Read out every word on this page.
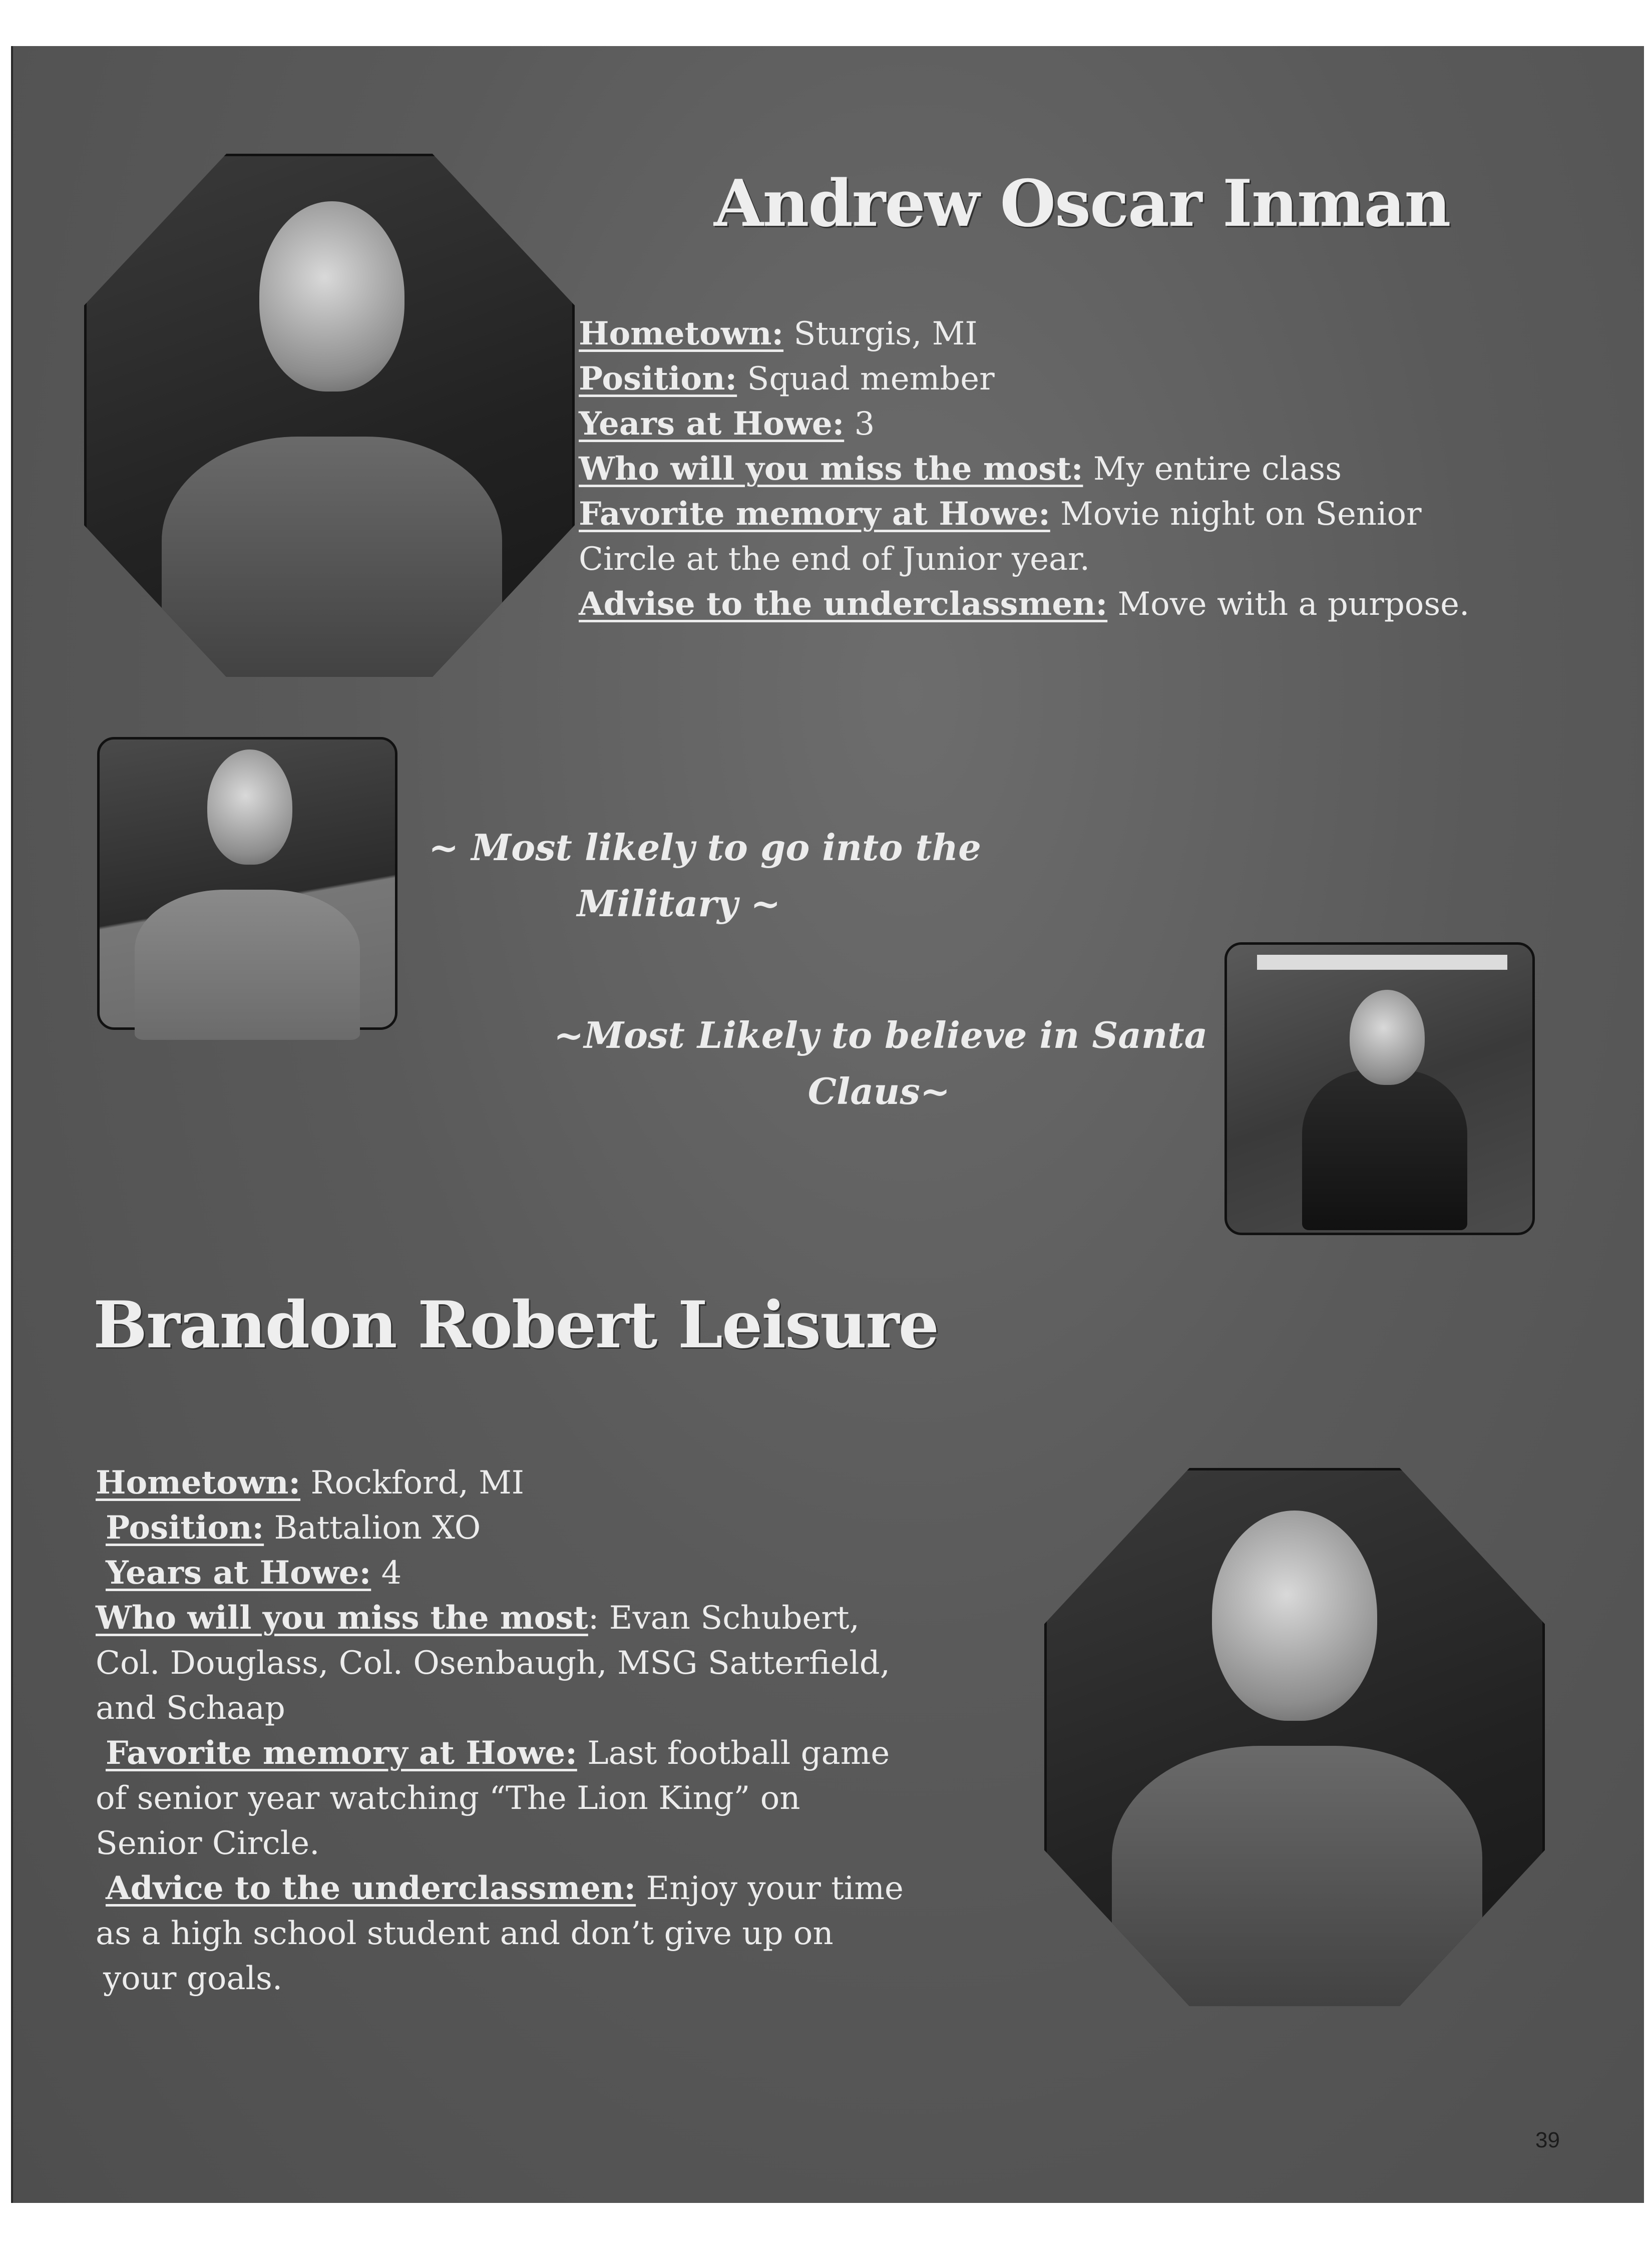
Andrew Oscar Inman
Hometown: Sturgis, MI
Position: Squad member
Years at Howe: 3
Who will you miss the most: My entire class
Favorite memory at Howe: Movie night on Senior
Circle at the end of Junior year.
Advise to the underclassmen: Move with a purpose.
~ Most likely to go into the
Military ~
~Most Likely to believe in Santa
Claus~
Brandon Robert Leisure
Hometown: Rockford, MI
Position: Battalion XO
Years at Howe: 4
Who will you miss the most: Evan Schubert,
Col. Douglass, Col. Osenbaugh, MSG Satterfield,
and Schaap
Favorite memory at Howe: Last football game
of senior year watching “The Lion King” on
Senior Circle.
Advice to the underclassmen: Enjoy your time
as a high school student and don’t give up on
your goals.
39
